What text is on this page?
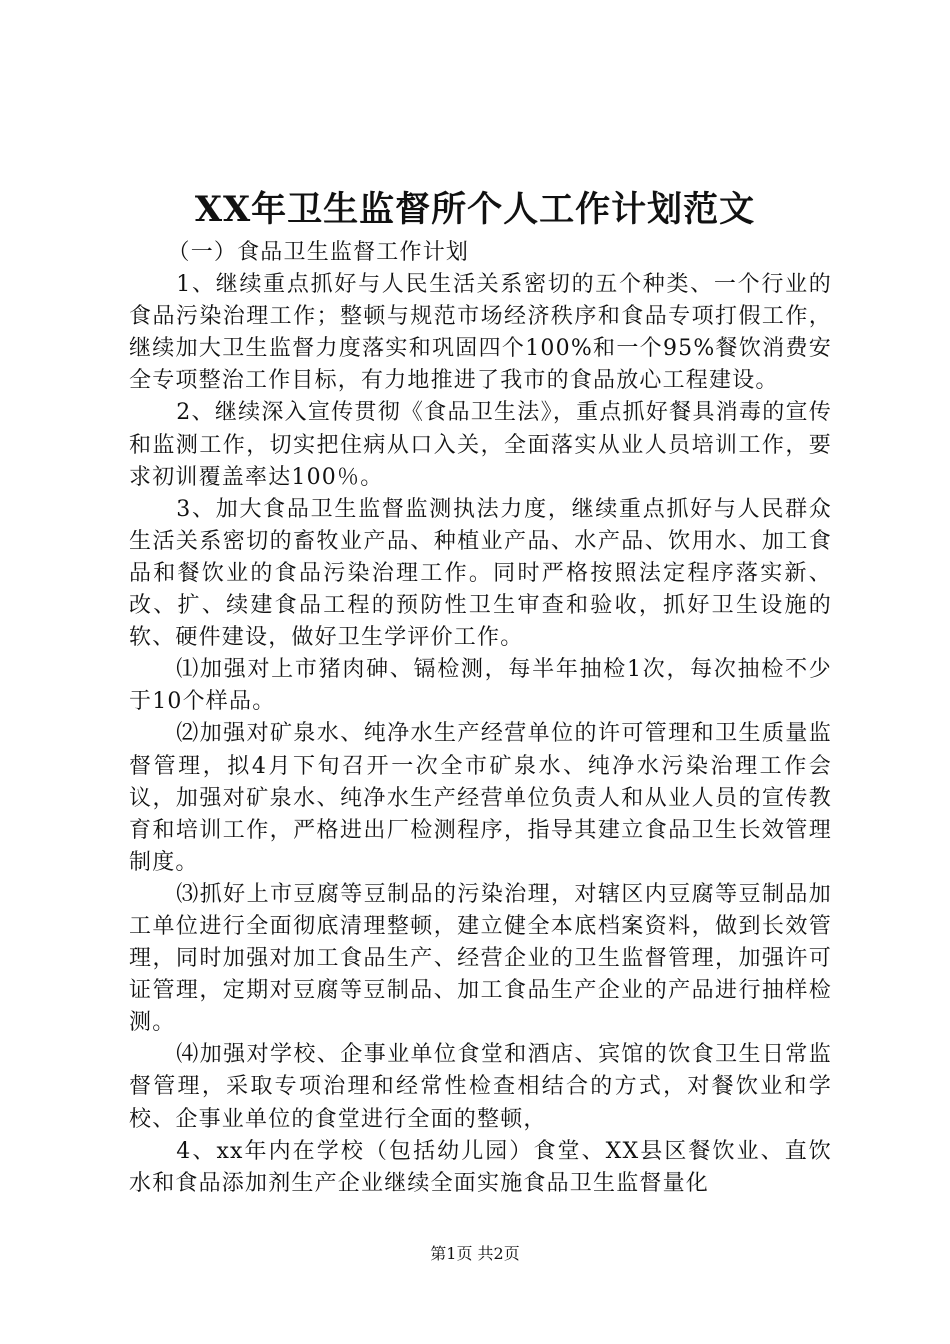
XX年卫生监督所个人工作计划范文

（一）食品卫生监督工作计划

1、继续重点抓好与人民生活关系密切的五个种类、一个行业的食品污染治理工作；整顿与规范市场经济秩序和食品专项打假工作，继续加大卫生监督力度落实和巩固四个100%和一个95%餐饮消费安全专项整治工作目标，有力地推进了我市的食品放心工程建设。

2、继续深入宣传贯彻《食品卫生法》，重点抓好餐具消毒的宣传和监测工作，切实把住病从口入关，全面落实从业人员培训工作，要求初训覆盖率达100％。

3、加大食品卫生监督监测执法力度，继续重点抓好与人民群众生活关系密切的畜牧业产品、种植业产品、水产品、饮用水、加工食品和餐饮业的食品污染治理工作。同时严格按照法定程序落实新、改、扩、续建食品工程的预防性卫生审查和验收，抓好卫生设施的软、硬件建设，做好卫生学评价工作。

⑴加强对上市猪肉砷、镉检测，每半年抽检1次，每次抽检不少于10个样品。

⑵加强对矿泉水、纯净水生产经营单位的许可管理和卫生质量监督管理，拟4月下旬召开一次全市矿泉水、纯净水污染治理工作会议，加强对矿泉水、纯净水生产经营单位负责人和从业人员的宣传教育和培训工作，严格进出厂检测程序，指导其建立食品卫生长效管理制度。

⑶抓好上市豆腐等豆制品的污染治理，对辖区内豆腐等豆制品加工单位进行全面彻底清理整顿，建立健全本底档案资料，做到长效管理，同时加强对加工食品生产、经营企业的卫生监督管理，加强许可证管理，定期对豆腐等豆制品、加工食品生产企业的产品进行抽样检测。

⑷加强对学校、企事业单位食堂和酒店、宾馆的饮食卫生日常监督管理，采取专项治理和经常性检查相结合的方式，对餐饮业和学校、企事业单位的食堂进行全面的整顿，

4、xx年内在学校（包括幼儿园）食堂、XX县区餐饮业、直饮水和食品添加剂生产企业继续全面实施食品卫生监督量化

第1页 共2页
